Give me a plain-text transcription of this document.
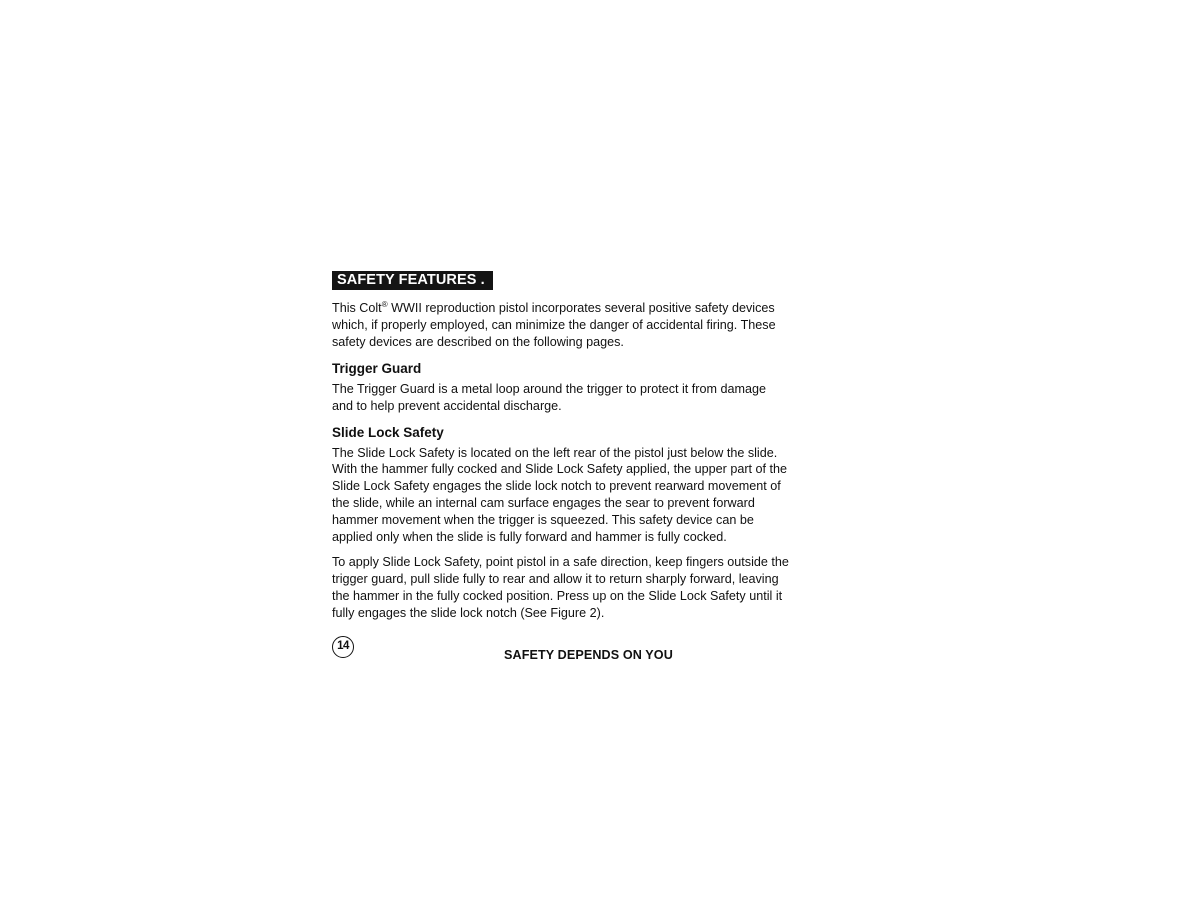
SAFETY FEATURES .

This Colt® WWII reproduction pistol incorporates several positive safety devices
which, if properly employed, can minimize the danger of accidental firing. These
safety devices are described on the following pages.

Trigger Guard

The Trigger Guard is a metal loop around the trigger to protect it from damage
and to help prevent accidental discharge.

Slide Lock Safety

The Slide Lock Safety is located on the left rear of the pistol just below the slide.
With the hammer fully cocked and Slide Lock Safety applied, the upper part of the
Slide Lock Safety engages the slide lock notch to prevent rearward movement of
the slide, while an internal cam surface engages the sear to prevent forward
hammer movement when the trigger is squeezed. This safety device can be
applied only when the slide is fully forward and hammer is fully cocked.

To apply Slide Lock Safety, point pistol in a safe direction, keep fingers outside the
trigger guard, pull slide fully to rear and allow it to return sharply forward, leaving
the hammer in the fully cocked position. Press up on the Slide Lock Safety until it
fully engages the slide lock notch (See Figure 2).

14
SAFETY DEPENDS ON YOU
